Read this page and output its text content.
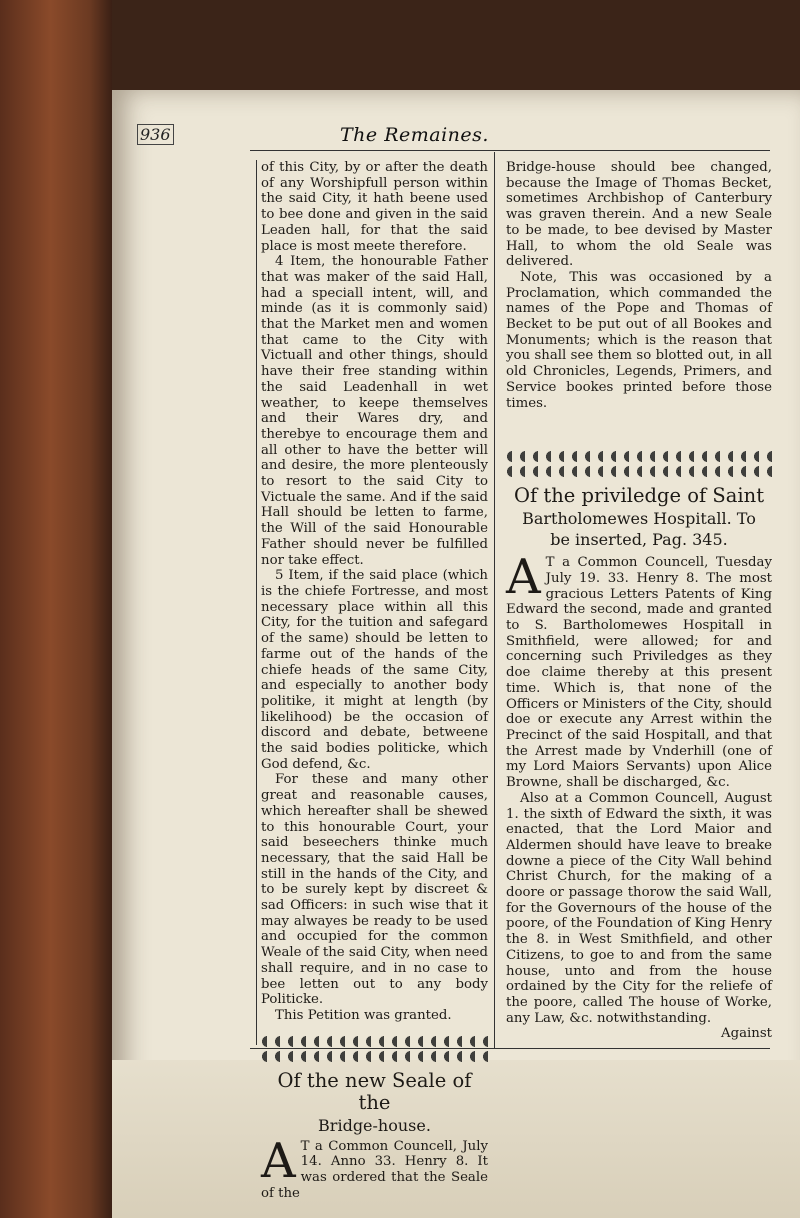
936	The Remaines.

of this City, by or after the death of any Worshipfull person within the said City, it hath beene used to bee done and given in the said Leaden hall, for that the said place is most meete therefore.

4 Item, the honourable Father that was maker of the said Hall, had a speciall intent, will, and minde (as it is commonly said) that the Market men and women that came to the City with Victuall and other things, should have their free standing within the said Leadenhall in wet weather, to keepe themselves and their Wares dry, and therebye to encourage them and all other to have the better will and desire, the more plenteously to resort to the said City to Victuale the same. And if the said Hall should be letten to farme, the Will of the said Honourable Father should never be fulfilled nor take effect.

5 Item, if the said place (which is the chiefe Fortresse, and most necessary place within all this City, for the tuition and safegard of the same) should be letten to farme out of the hands of the chiefe heads of the same City, and especially to another body politike, it might at length (by likelihood) be the occasion of discord and debate, betweene the said bodies politicke, which God defend, &c.

For these and many other great and reasonable causes, which hereafter shall be shewed to this honourable Court, your said beseechers thinke much necessary, that the said Hall be still in the hands of the City, and to be surely kept by discreet & sad Officers: in such wise that it may alwayes be ready to be used and occupied for the common Weale of the said City, when need shall require, and in no case to bee letten out to any body Politicke.

This Petition was granted.

Of the new Seale of the
Bridge-house.

A T a Common Councell, July 14. Anno 33. Henry 8. It was ordered that the Seale of the

Bridge-house should bee changed, because the Image of Thomas Becket, sometimes Archbishop of Canterbury was graven therein. And a new Seale to be made, to bee devised by Master Hall, to whom the old Seale was delivered.

Note, This was occasioned by a Proclamation, which commanded the names of the Pope and Thomas of Becket to be put out of all Bookes and Monuments; which is the reason that you shall see them so blotted out, in all old Chronicles, Legends, Primers, and Service bookes printed before those times.

Of the priviledge of Saint
Bartholomewes Hospitall. To
be inserted, Pag. 345.

A T a Common Councell, Tuesday July 19. 33. Henry 8. The most gracious Letters Patents of King Edward the second, made and granted to S. Bartholomewes Hospitall in Smithfield, were allowed; for and concerning such Priviledges as they doe claime thereby at this present time. Which is, that none of the Officers or Ministers of the City, should doe or execute any Arrest within the Precinct of the said Hospitall, and that the Arrest made by Vnderhill (one of my Lord Maiors Servants) upon Alice Browne, shall be discharged, &c.

Also at a Common Councell, August 1. the sixth of Edward the sixth, it was enacted, that the Lord Maior and Aldermen should have leave to breake downe a piece of the City Wall behind Christ Church, for the making of a doore or passage thorow the said Wall, for the Governours of the house of the poore, of the Foundation of King Henry the 8. in West Smithfield, and other Citizens, to goe to and from the same house, unto and from the house ordained by the City for the reliefe of the poore, called The house of Worke, any Law, &c. notwithstanding.

Against
